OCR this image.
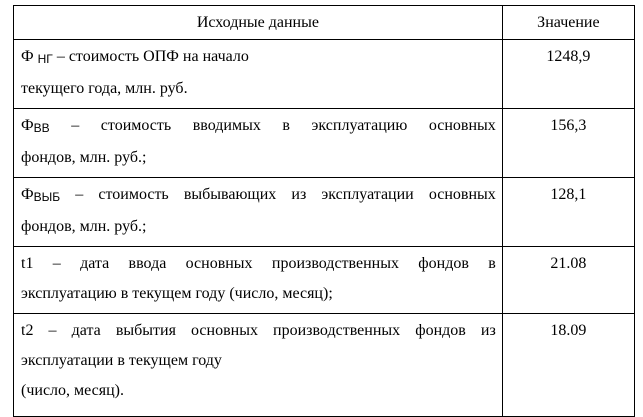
Исходные данные	Значение

Ф НГ – стоимость ОПФ на начало
текущего года, млн. руб.	1248,9

ФВВ – стоимость вводимых в эксплуатацию основных
фондов, млн. руб.;	156,3

ФВЫБ – стоимость выбывающих из эксплуатации основных
фондов, млн. руб.;	128,1

t1 – дата ввода основных производственных фондов в
эксплуатацию в текущем году (число, месяц);	21.08

t2 – дата выбытия основных производственных фондов из
эксплуатации в текущем году
(число, месяц).	18.09
